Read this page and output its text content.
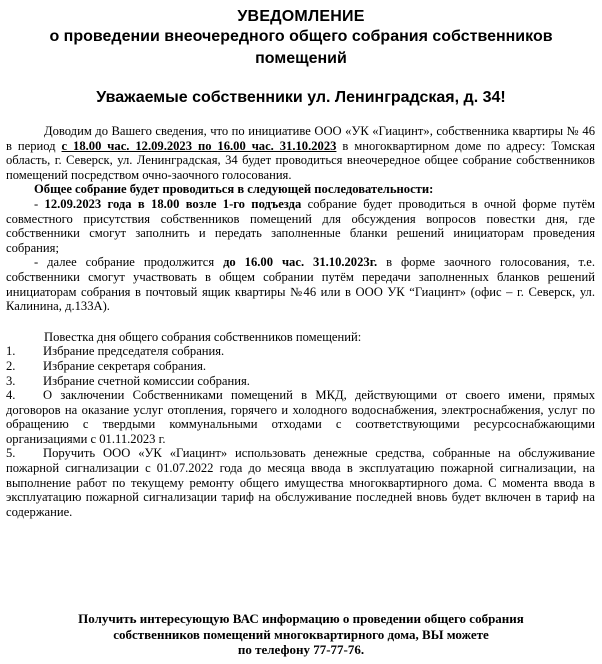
УВЕДОМЛЕНИЕ
о проведении внеочередного общего собрания собственников
помещений
Уважаемые собственники ул. Ленинградская, д. 34!

Доводим до Вашего сведения, что по инициативе ООО «УК «Гиацинт», собственника квартиры № 46 в период с 18.00 час. 12.09.2023 по 16.00 час. 31.10.2023 в многоквартирном доме по адресу: Томская область, г. Северск, ул. Ленинградская, 34 будет проводиться внеочередное общее собрание собственников помещений посредством очно-заочного голосования.

Общее собрание будет проводиться в следующей последовательности:

- 12.09.2023 года в 18.00 возле 1-го подъезда собрание будет проводиться в очной форме путём совместного присутствия собственников помещений для обсуждения вопросов повестки дня, где собственники смогут заполнить и передать заполненные бланки решений инициаторам проведения собрания;

- далее собрание продолжится до 16.00 час. 31.10.2023г. в форме заочного голосования, т.е. собственники смогут участвовать в общем собрании путём передачи заполненных бланков решений инициаторам собрания в почтовый ящик квартиры №46 или в ООО УК “Гиацинт» (офис – г. Северск, ул. Калинина, д.133А).

Повестка дня общего собрания собственников помещений:

1.	Избрание председателя собрания.
2.	Избрание секретаря собрания.
3.	Избрание счетной комиссии собрания.

4. О заключении Собственниками помещений в МКД, действующими от своего имени, прямых договоров на оказание услуг отопления, горячего и холодного водоснабжения, электроснабжения, услуг по обращению с твердыми коммунальными отходами с соответствующими ресурсоснабжающими организациями с 01.11.2023 г.

5. Поручить ООО «УК «Гиацинт» использовать денежные средства, собранные на обслуживание пожарной сигнализации с 01.07.2022 года до месяца ввода в эксплуатацию пожарной сигнализации, на выполнение работ по текущему ремонту общего имущества многоквартирного дома. С момента ввода в эксплуатацию пожарной сигнализации тариф на обслуживание последней вновь будет включен в тариф на содержание.

Получить интересующую ВАС информацию о проведении общего собрания
собственников помещений многоквартирного дома, ВЫ можете
по телефону 77-77-76.
